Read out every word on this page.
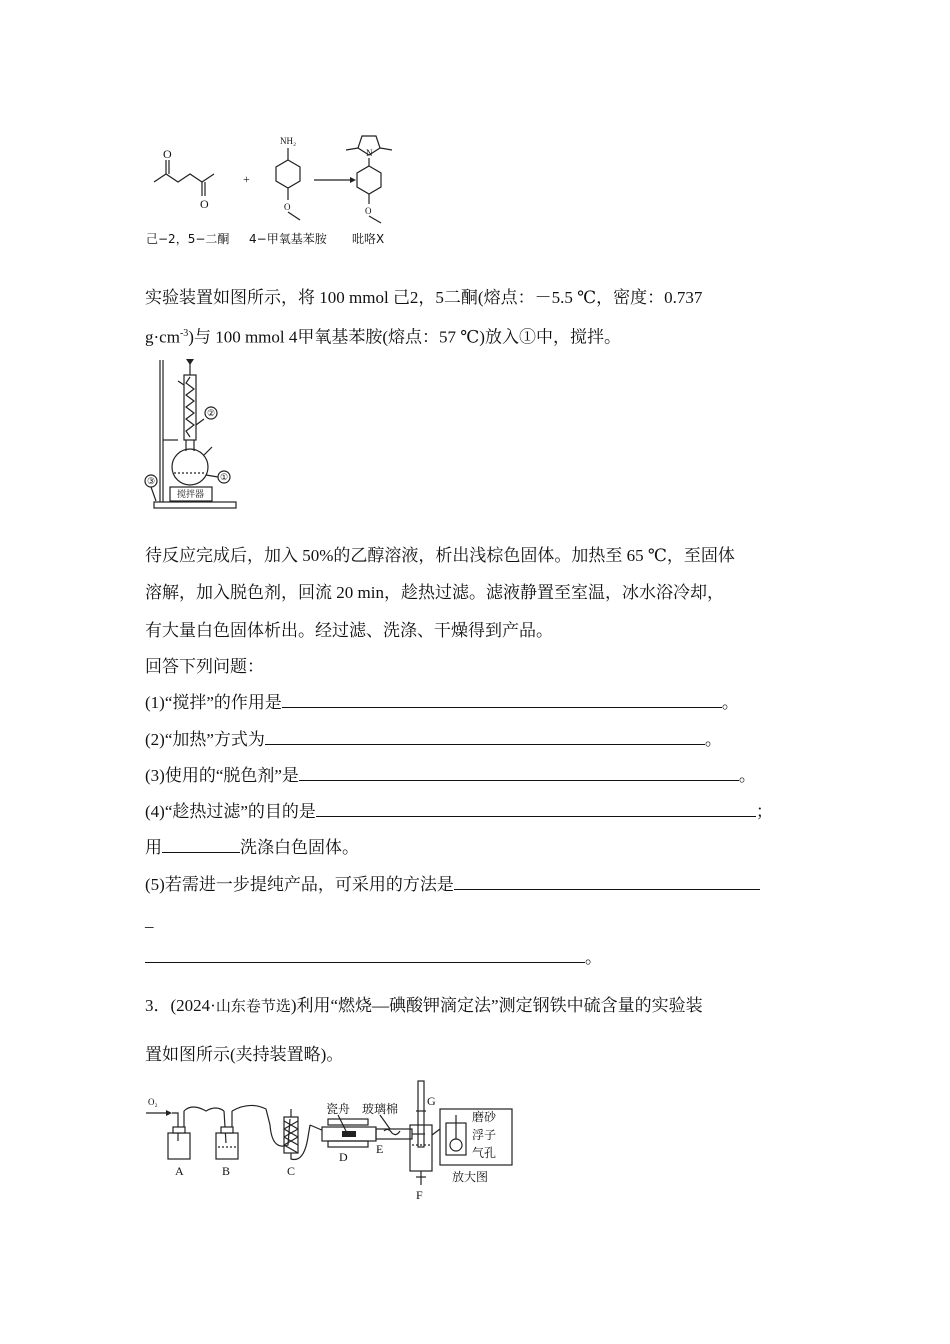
O
O
+
NH₂
O
N
O
己−2，5−二酮 4−甲氧基苯胺 吡咯X
实验装置如图所示，将 100 mmol 己2，5二酮(熔点：－5.5 ℃，密度：0.737
$g\cdot cm^{-3}$)与 100 mmol 4甲氧基苯胺(熔点：57 ℃)放入①中，搅拌。
②
①
搅拌器
③
待反应完成后，加入 50%的乙醇溶液，析出浅棕色固体。加热至 65 ℃，至固体
溶解，加入脱色剂，回流 20 min，趁热过滤。滤液静置至室温，冰水浴冷却，
有大量白色固体析出。经过滤、洗涤、干燥得到产品。
回答下列问题：
(1)“搅拌”的作用是	。
(2)“加热”方式为	。
(3)使用的“脱色剂”是	。
(4)“趁热过滤”的目的是	；
用	洗涤白色固体。
(5)若需进一步提纯产品，可采用的方法是
_
。
3．(2024·山东卷节选)利用“燃烧—碘酸钾滴定法”测定钢铁中硫含量的实验装
置如图所示(夹持装置略)。
O₂
A	B	C
瓷舟
D
玻璃棉
E
G
F
磨砂
浮子
气孔
放大图
